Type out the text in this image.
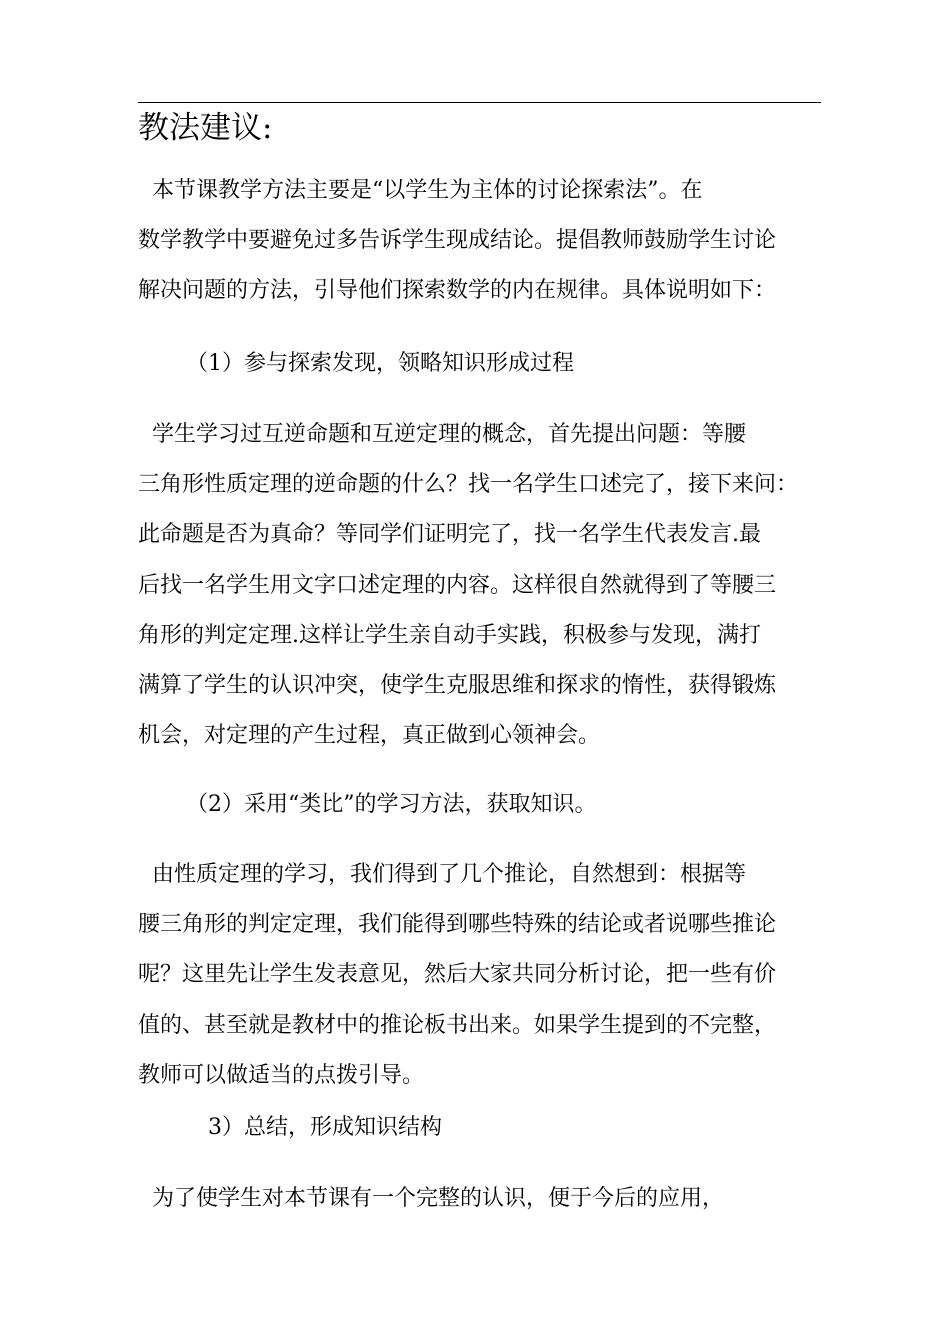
教法建议:
本节课教学方法主要是“以学生为主体的讨论探索法”。在
数学教学中要避免过多告诉学生现成结论。提倡教师鼓励学生讨论
解决问题的方法，引导他们探索数学的内在规律。具体说明如下：

（1）参与探索发现，领略知识形成过程

学生学习过互逆命题和互逆定理的概念，首先提出问题：等腰
三角形性质定理的逆命题的什么？找一名学生口述完了，接下来问：
此命题是否为真命？等同学们证明完了，找一名学生代表发言.最
后找一名学生用文字口述定理的内容。这样很自然就得到了等腰三
角形的判定定理.这样让学生亲自动手实践，积极参与发现，满打
满算了学生的认识冲突，使学生克服思维和探求的惰性，获得锻炼
机会，对定理的产生过程，真正做到心领神会。

（2）采用“类比”的学习方法，获取知识。

由性质定理的学习，我们得到了几个推论，自然想到：根据等
腰三角形的判定定理，我们能得到哪些特殊的结论或者说哪些推论
呢？这里先让学生发表意见，然后大家共同分析讨论，把一些有价
值的、甚至就是教材中的推论板书出来。如果学生提到的不完整，
教师可以做适当的点拨引导。

3）总结，形成知识结构

为了使学生对本节课有一个完整的认识，便于今后的应用，
